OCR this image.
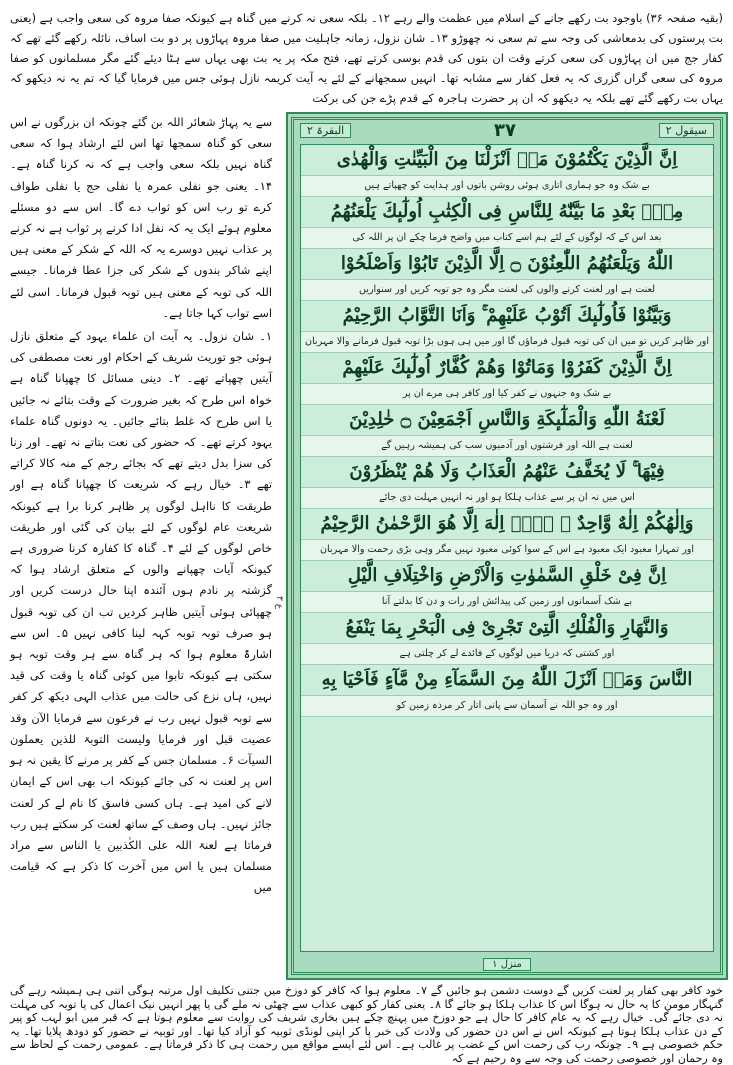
(بقیہ صفحہ ۳۶) باوجود بت رکھے جانے کے اسلام میں عظمت والے رہے ۱۲۔ بلکہ سعی نہ کرنے میں گناہ ہے کیونکہ صفا مروہ کی سعی واجب ہے (یعنی بت پرستوں کی بدمعاشی کی وجہ سے تم سعی نہ چھوڑو ۱۳۔ شان نزول، زمانہ جاہلیت میں صفا مروہ پہاڑوں پر دو بت اساف، نائلہ رکھے گئے تھے کہ کفار جج میں ان پہاڑوں کی سعی کرتے وقت ان بتوں کی قدم بوسی کرتے تھے، فتح مکہ پر یہ بت بھی یہاں سے ہٹا دیئے گئے مگر مسلمانوں کو صفا مروہ کی سعی گراں گزری کہ یہ فعل کفار سے مشابہ تھا۔ انہیں سمجھانے کے لئے یہ آیت کریمہ نازل ہوئی جس میں فرمایا گیا کہ تم یہ نہ دیکھو کہ یہاں بت رکھے گئے تھے بلکہ یہ دیکھو کہ ان پر حضرت ہاجرہ کے قدم پڑے جن کی برکت

سے یہ پہاڑ شعائر اللہ بن گئے چونکہ ان بزرگوں نے اس سعی کو گناہ سمجھا تھا اس لئے ارشاد ہوا کہ سعی گناہ نہیں بلکہ سعی واجب ہے کہ نہ کرنا گناہ ہے۔ ۱۴۔ یعنی جو نفلی عمرہ یا نفلی حج یا نفلی طواف کرے تو رب اس کو ثواب دے گا۔ اس سے دو مسئلے معلوم ہوئے ایک یہ کہ نفل ادا کرنے پر ثواب ہے نہ کرنے پر عذاب نہیں دوسرے یہ کہ اللہ کے شکر کے معنی ہیں اپنے شاکر بندوں کے شکر کی جزا عطا فرمانا۔ جیسے اللہ کی توبہ کے معنی ہیں توبہ قبول فرمانا۔ اسی لئے اسے تواب کہا جاتا ہے۔

۱۔ شان نزول۔ یہ آیت ان علماء یہود کے متعلق نازل ہوئی جو توریت شریف کے احکام اور نعت مصطفی کی آیتیں چھپاتے تھے۔ ۲۔ دینی مسائل کا چھپانا گناہ ہے خواہ اس طرح کہ بغیر ضرورت کے وقت بتائے نہ جائیں یا اس طرح کہ غلط بتائے جائیں۔ یہ دونوں گناہ علماء یہود کرتے تھے۔ کہ حضور کی نعت بتاتے نہ تھے۔ اور زنا کی سزا بدل دیتے تھے کہ بجائے رجم کے منہ کالا کراتے تھے ۳۔ خیال رہے کہ شریعت کا چھپانا گناہ ہے اور طریقت کا نااہل لوگوں پر ظاہر کرنا برا ہے کیونکہ شریعت عام لوگوں کے لئے بیان کی گئی اور طریقت خاص لوگوں کے لئے ۴۔ گناہ کا کفارہ کرنا ضروری ہے کیونکہ آیات چھپانے والوں کے متعلق ارشاد ہوا کہ گزشتہ پر نادم ہوں آئندہ اپنا حال درست کریں اور چھپائی ہوئی آیتیں ظاہر کردیں تب ان کی توبہ قبول ہو صرف توبہ توبہ کہہ لینا کافی نہیں ۵۔ اس سے اشارۃً معلوم ہوا کہ ہر گناہ سے ہر وقت توبہ ہو سکتی ہے کیونکہ تابوا میں کوئی گناہ یا وقت کی قید نہیں، ہاں نزع کی حالت میں عذاب الہی دیکھ کر کفر سے توبہ قبول نہیں رب نے فرعون سے فرمایا الآن وقد عصیت قبل اور فرمایا ولیست التوبۃ للذین یعملون السیآت ۶۔ مسلمان جس کے کفر پر مرنے کا یقین نہ ہو اس پر لعنت نہ کی جائے کیونکہ اب بھی اس کے ایمان لانے کی امید ہے۔ ہاں کسی فاسق کا نام لے کر لعنت جائز نہیں۔ ہاں وصف کے ساتھ لعنت کر سکتے ہیں رب فرماتا ہے لعنۃ اللہ علی الکٰذبین یا الناس سے مراد مسلمان ہیں یا اس میں آخرت کا ذکر ہے کہ قیامت میں

ع ۳
البقرۃ ۲	۳۷	سیقول ۲
اِنَّ الَّذِیْنَ یَكْتُمُوْنَ مَاۤ اَنْزَلْنَا مِنَ الْبَیِّنٰتِ وَالْهُدٰى
بے شک وہ جو ہماری اتاری ہوئی روشن باتوں اور ہدایت کو چھپاتے ہیں
مِنْۢ بَعْدِ مَا بَیَّنّٰهُ لِلنَّاسِ فِی الْكِتٰبِ اُولٰٓىٕكَ یَلْعَنُهُمُ
بعد اس کے کہ لوگوں کے لئے ہم اسے کتاب میں واضح فرما چکے ان پر اللہ کی
اللّٰهُ وَیَلْعَنُهُمُ اللّٰعِنُوْنَ ۝ اِلَّا الَّذِیْنَ تَابُوْا وَاَصْلَحُوْا
لعنت ہے اور لعنت کرنے والوں کی لعنت مگر وہ جو توبہ کریں اور سنواریں
وَبَیَّنُوْا فَاُولٰٓىٕكَ اَتُوْبُ عَلَیْهِمْ ۚ وَاَنَا التَّوَّابُ الرَّحِیْمُ
اور ظاہر کریں تو میں ان کی توبہ قبول فرماؤں گا اور میں ہی ہوں بڑا توبہ قبول فرمانے والا مہربان
اِنَّ الَّذِیْنَ كَفَرُوْا وَمَاتُوْا وَهُمْ كُفَّارٌ اُولٰٓىٕكَ عَلَیْهِمْ
بے شک وہ جنہوں نے کفر کیا اور کافر ہی مرے ان پر
لَعْنَةُ اللّٰهِ وَالْمَلٰٓىٕكَةِ وَالنَّاسِ اَجْمَعِیْنَ ۝ خٰلِدِیْنَ
لعنت ہے اللہ اور فرشتوں اور آدمیوں سب کی ہمیشہ رہیں گے
فِیْهَا ۚ لَا یُخَفَّفُ عَنْهُمُ الْعَذَابُ وَلَا هُمْ یُنْظَرُوْنَ
اس میں نہ ان پر سے عذاب ہلکا ہو اور نہ انہیں مہلت دی جائے
وَاِلٰهُكُمْ اِلٰهٌ وَّاحِدٌ ۚ لَاۤ اِلٰهَ اِلَّا هُوَ الرَّحْمٰنُ الرَّحِیْمُ
اور تمہارا معبود ایک معبود ہے اس کے سوا کوئی معبود نہیں مگر وہی بڑی رحمت والا مہربان
اِنَّ فِیْ خَلْقِ السَّمٰوٰتِ وَالْاَرْضِ وَاخْتِلَافِ الَّیْلِ
بے شک آسمانوں اور زمین کی پیدائش اور رات و دن کا بدلتے آنا
وَالنَّهَارِ وَالْفُلْكِ الَّتِیْ تَجْرِیْ فِی الْبَحْرِ بِمَا یَنْفَعُ
اور کشتی کہ دریا میں لوگوں کے فائدے لے کر چلتی ہے
النَّاسَ وَمَاۤ اَنْزَلَ اللّٰهُ مِنَ السَّمَآءِ مِنْ مَّآءٍ فَاَحْیَا بِهِ
اور وہ جو اللہ نے آسمان سے پانی اتار کر مردہ زمین کو
منزل ۱

خود کافر بھی کفار پر لعنت کریں گے دوست دشمن ہو جائیں گے ۷۔ معلوم ہوا کہ کافر کو دوزخ میں جتنی تکلیف اول مرتبہ ہوگی اتنی ہی ہمیشہ رہے گی گنہگار مومن کا یہ حال نہ ہوگا اس کا عذاب ہلکا ہو جائے گا ۸۔ یعنی کفار کو کبھی عذاب سے چھٹی نہ ملے گی یا پھر انہیں نیک اعمال کی یا توبہ کی مہلت نہ دی جائے گی۔ خیال رہے کہ یہ عام کافر کا حال ہے جو دوزخ میں پہنچ چکے ہیں بخاری شریف کی روایت سے معلوم ہوتا ہے کہ قبر میں ابو لہب کو پیر کے دن عذاب ہلکا ہوتا ہے کیونکہ اس نے اس دن حضور کی ولادت کی خبر پا کر اپنی لونڈی ثوبیہ کو آزاد کیا تھا۔ اور ثوبیہ نے حضور کو دودھ پلایا تھا۔ یہ حکم خصوصی ہے ۹۔ چونکہ رب کی رحمت اس کے غضب پر غالب ہے۔ اس لئے ایسے مواقع میں رحمت ہی کا ذکر فرماتا ہے۔ عمومی رحمت کے لحاظ سے وہ رحمان اور خصوصی رحمت کی وجہ سے وہ رحیم ہے کہ
